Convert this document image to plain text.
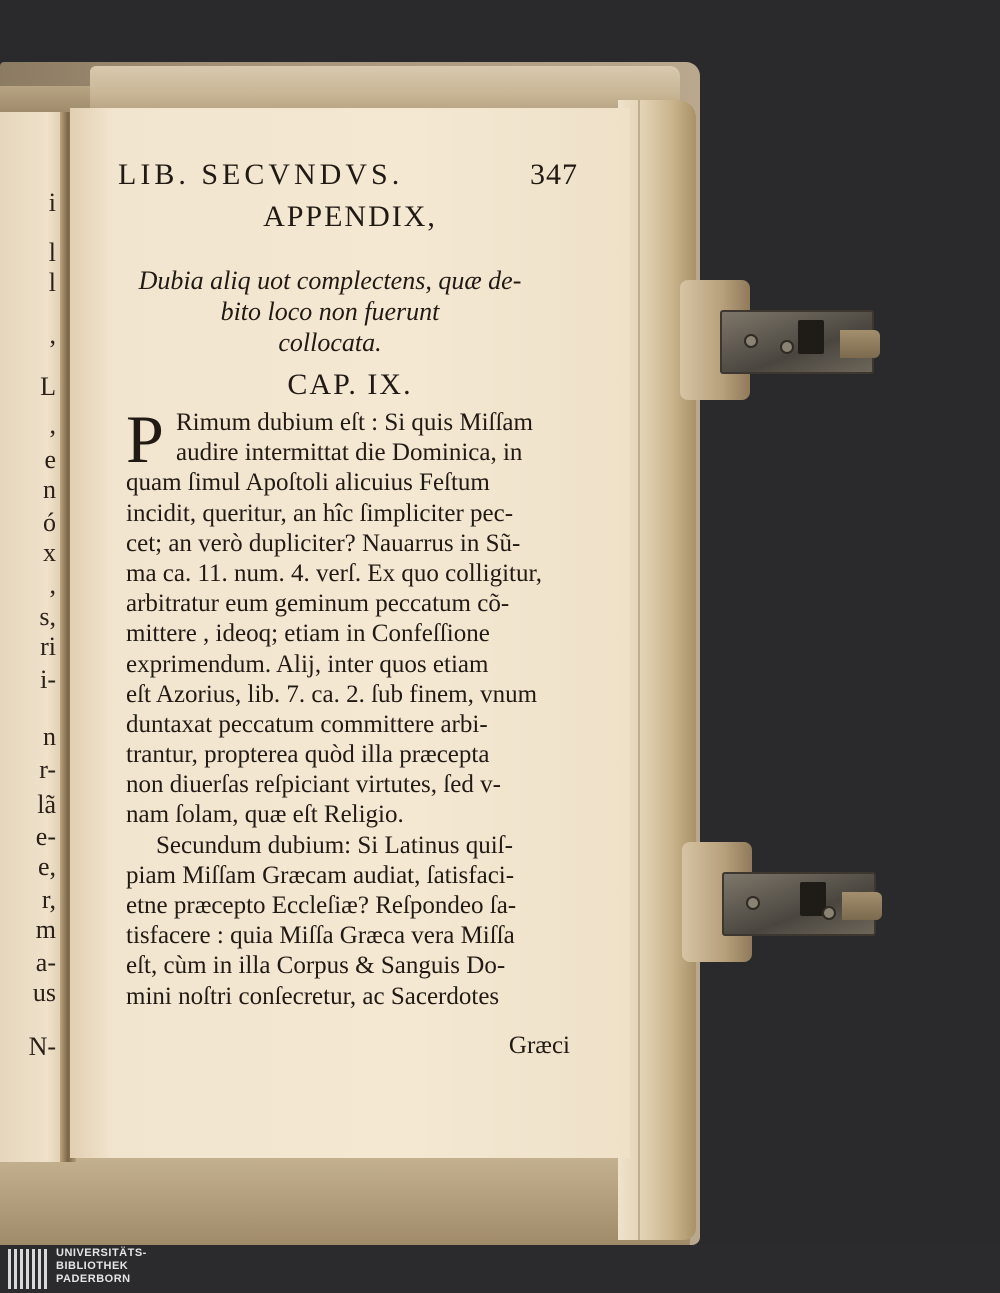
i
l
l
,
L
,
e
n
ó
x
,
s,
ri
i-
n
r-
lã
e-
e,
r,
m
a-
us
N-
LIB. SECVNDVS.	347
APPENDIX,
Dubia aliq uot complectens, quæ de-
bito loco non fuerunt
collocata.
CAP. IX.
P Rimum dubium eſt : Si quis Miſſam
audire intermittat die Dominica, in
quam ſimul Apoſtoli alicuius Feſtum
incidit, queritur, an hîc ſimpliciter pec-
cet; an verò dupliciter? Nauarrus in Sũ-
ma ca. 11. num. 4. verſ. Ex quo colligitur,
arbitratur eum geminum peccatum cõ-
mittere , ideoq; etiam in Confeſſione
exprimendum. Alij, inter quos etiam
eſt Azorius, lib. 7. ca. 2. ſub finem, vnum
duntaxat peccatum committere arbi-
trantur, propterea quòd illa præcepta
non diuerſas reſpiciant virtutes, ſed v-
nam ſolam, quæ eſt Religio.
Secundum dubium: Si Latinus quiſ-
piam Miſſam Græcam audiat, ſatisfaci-
etne præcepto Eccleſiæ? Reſpondeo ſa-
tisfacere : quia Miſſa Græca vera Miſſa
eſt, cùm in illa Corpus & Sanguis Do-
mini noſtri conſecretur, ac Sacerdotes
Græci
UNIVERSITÄTS-
BIBLIOTHEK
PADERBORN
